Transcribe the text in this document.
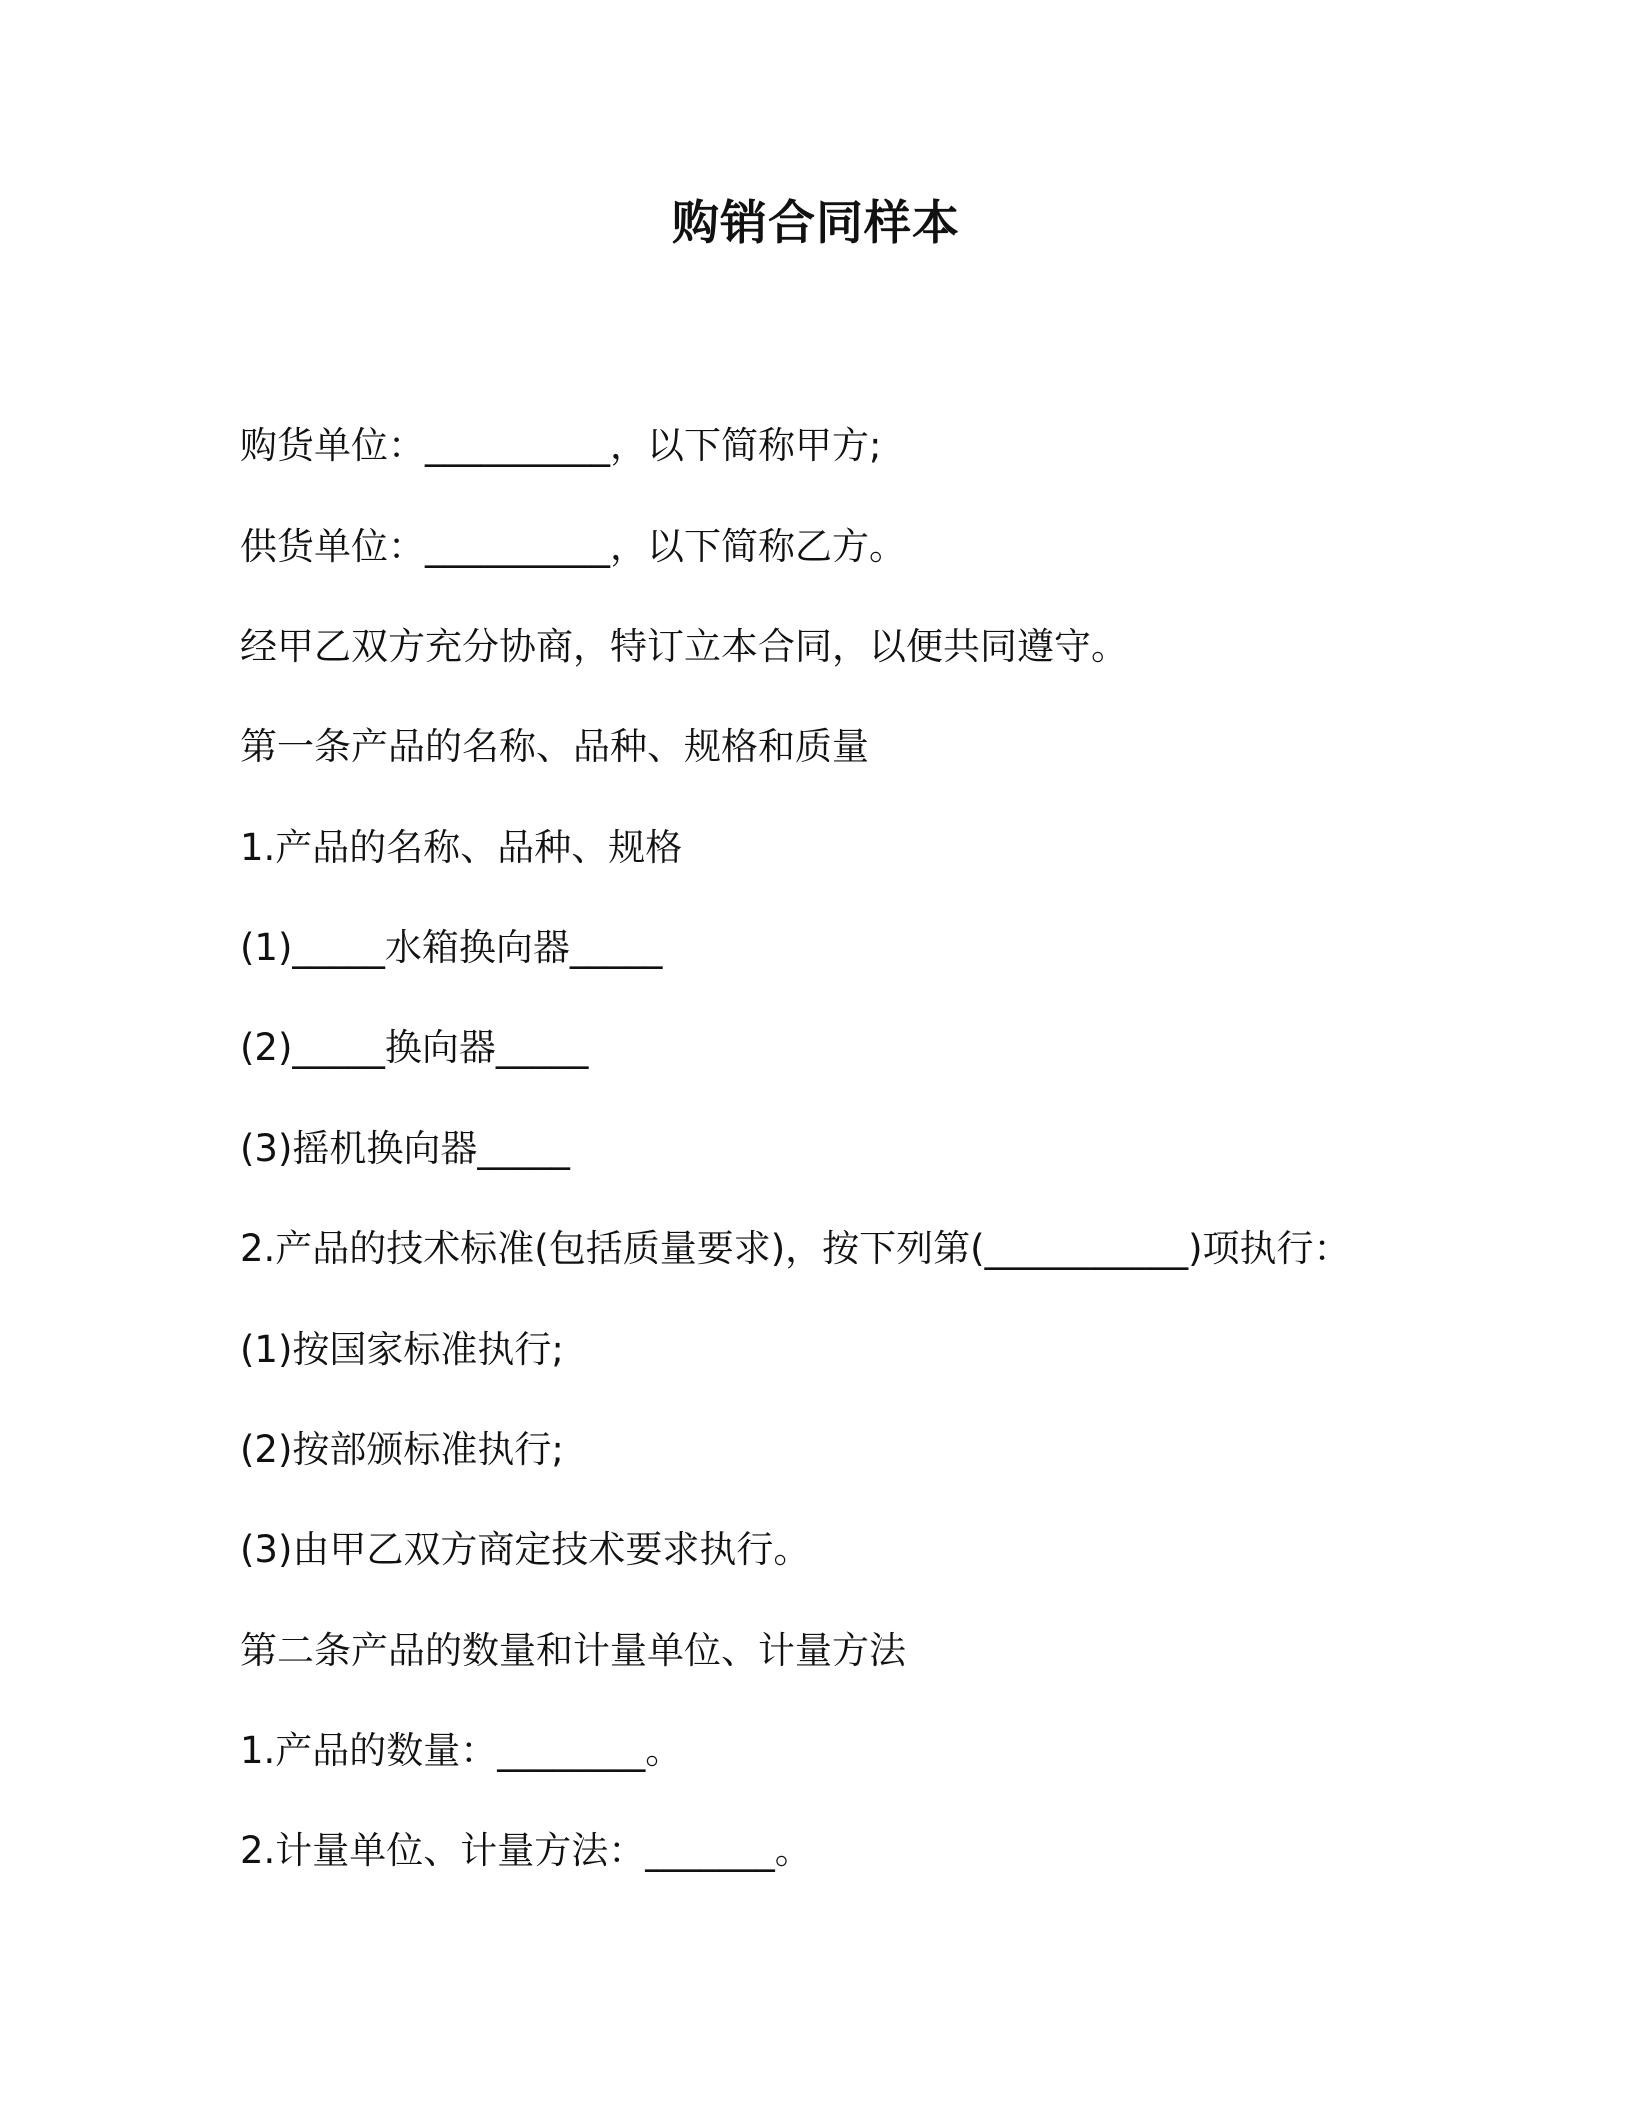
购销合同样本
购货单位：__________，以下简称甲方;
供货单位：__________，以下简称乙方。
经甲乙双方充分协商，特订立本合同，以便共同遵守。
第一条产品的名称、品种、规格和质量
1.产品的名称、品种、规格
(1)_____水箱换向器_____
(2)_____换向器_____
(3)摇机换向器_____
2.产品的技术标准(包括质量要求)，按下列第(___________)项执行：
(1)按国家标准执行;
(2)按部颁标准执行;
(3)由甲乙双方商定技术要求执行。
第二条产品的数量和计量单位、计量方法
1.产品的数量：________。
2.计量单位、计量方法：_______。
